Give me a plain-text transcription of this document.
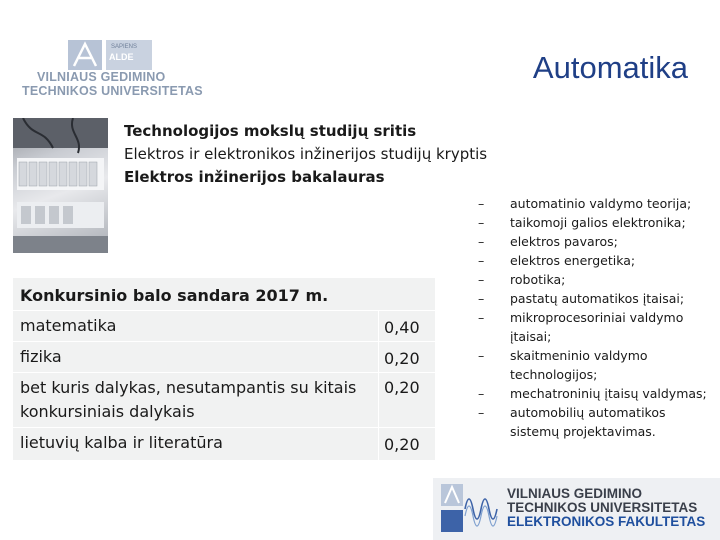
SAPIENS
ALDE
VILNIAUS GEDIMINO
TECHNIKOS UNIVERSITETAS
Automatika
Technologijos mokslų studijų sritis
Elektros ir elektronikos inžinerijos studijų kryptis
Elektros inžinerijos bakalauras
Konkursinio balo sandara 2017 m.
matematika	0,40
fizika	0,20
bet kuris dalykas, nesutampantis su kitais
konkursiniais dalykais
0,20
lietuvių kalba ir literatūra	0,20
–	automatinio valdymo teorija;
–	taikomoji galios elektronika;
–	elektros pavaros;
–	elektros energetika;
–	robotika;
–	pastatų automatikos įtaisai;
–	mikroprocesoriniai valdymo
įtaisai;
–	skaitmeninio valdymo
technologijos;
–	mechatroninių įtaisų valdymas;
–	automobilių automatikos
sistemų projektavimas.
VILNIAUS GEDIMINO
TECHNIKOS UNIVERSITETAS
ELEKTRONIKOS FAKULTETAS
